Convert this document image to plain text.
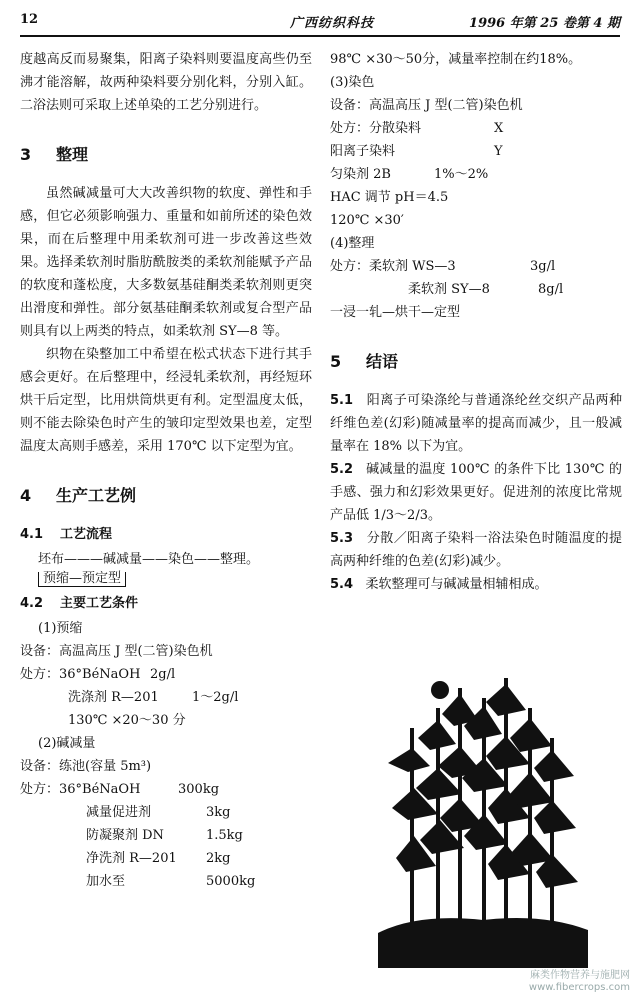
12	广西纺织科技	1996 年第 25 卷第 4 期

度越高反而易聚集，阳离子染料则要温度高些仍至沸才能溶解，故两种染料要分别化料，分别入缸。二浴法则可采取上述单染的工艺分别进行。

3 整理

虽然碱减量可大大改善织物的软度、弹性和手感，但它必须影响强力、重量和如前所述的染色效果，而在后整理中用柔软剂可进一步改善这些效果。选择柔软剂时脂肪酰胺类的柔软剂能赋予产品的软度和蓬松度，大多数氨基硅酮类柔软剂则更突出滑度和弹性。部分氨基硅酮柔软剂或复合型产品则具有以上两类的特点，如柔软剂 SY—8 等。

织物在染整加工中希望在松式状态下进行其手感会更好。在后整理中，经浸轧柔软剂，再经短环烘干后定型，比用烘筒烘更有利。定型温度太低，则不能去除染色时产生的皱印定型效果也差，定型温度太高则手感差，采用 170℃ 以下定型为宜。

4 生产工艺例
4.1 工艺流程
坯布———碱减量——染色——整理。
预缩—预定型
4.2 主要工艺条件
(1)预缩
设备：高温高压 J 型(二管)染色机
处方：36°BéNaOH 2g/l
洗涤剂 R—201	1～2g/l
130℃ ×20～30 分
(2)碱减量
设备：练池(容量 5m³)
处方：36°BéNaOH	300kg
减量促进剂	3kg
防凝聚剂 DN	1.5kg
净洗剂 R—201 2kg
加水至	5000kg
98℃ ×30～50分，减量率控制在约18%。
(3)染色
设备：高温高压 J 型(二管)染色机
处方：分散染料	X
阳离子染料	Y
匀染剂 2B	1%～2%
HAC 调节 pH＝4.5
120℃ ×30′
(4)整理
处方：柔软剂 WS—3	3g/l
柔软剂 SY—8	8g/l
一浸一轧—烘干—定型
5 结语

5.1 阳离子可染涤纶与普通涤纶丝交织产品两种纤维色差(幻彩)随减量率的提高而减少，且一般减量率在 18% 以下为宜。

5.2 碱减量的温度 100℃ 的条件下比 130℃ 的手感、强力和幻彩效果更好。促进剂的浓度比常规产品低 1/3～2/3。

5.3 分散／阳离子染料一浴法染色时随温度的提高两种纤维的色差(幻彩)减少。

5.4 柔软整理可与碱减量相辅相成。

麻类作物营养与施肥网
www.fibercrops.com
